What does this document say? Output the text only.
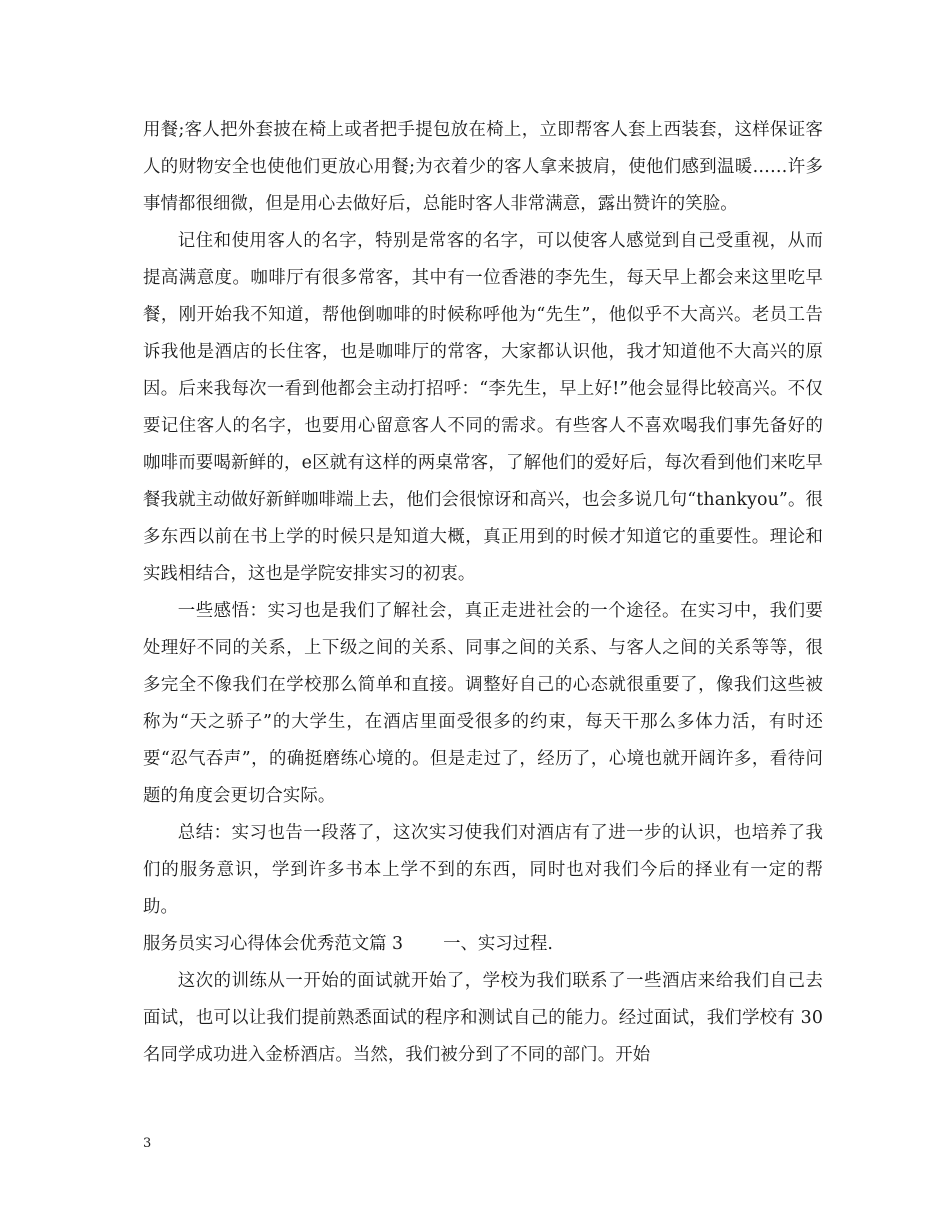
用餐;客人把外套披在椅上或者把手提包放在椅上，立即帮客人套上西装套，这样保证客人的财物安全也使他们更放心用餐;为衣着少的客人拿来披肩，使他们感到温暖……许多事情都很细微，但是用心去做好后，总能时客人非常满意，露出赞许的笑脸。

记住和使用客人的名字，特别是常客的名字，可以使客人感觉到自己受重视，从而提高满意度。咖啡厅有很多常客，其中有一位香港的李先生，每天早上都会来这里吃早餐，刚开始我不知道，帮他倒咖啡的时候称呼他为“先生”，他似乎不大高兴。老员工告诉我他是酒店的长住客，也是咖啡厅的常客，大家都认识他，我才知道他不大高兴的原因。后来我每次一看到他都会主动打招呼：“李先生，早上好!”他会显得比较高兴。不仅要记住客人的名字，也要用心留意客人不同的需求。有些客人不喜欢喝我们事先备好的咖啡而要喝新鲜的，e区就有这样的两桌常客，了解他们的爱好后，每次看到他们来吃早餐我就主动做好新鲜咖啡端上去，他们会很惊讶和高兴，也会多说几句“thankyou”。很多东西以前在书上学的时候只是知道大概，真正用到的时候才知道它的重要性。理论和实践相结合，这也是学院安排实习的初衷。

一些感悟：实习也是我们了解社会，真正走进社会的一个途径。在实习中，我们要处理好不同的关系，上下级之间的关系、同事之间的关系、与客人之间的关系等等，很多完全不像我们在学校那么简单和直接。调整好自己的心态就很重要了，像我们这些被称为“天之骄子”的大学生，在酒店里面受很多的约束，每天干那么多体力活，有时还要“忍气吞声”，的确挺磨练心境的。但是走过了，经历了，心境也就开阔许多，看待问题的角度会更切合实际。

总结：实习也告一段落了，这次实习使我们对酒店有了进一步的认识，也培养了我们的服务意识，学到许多书本上学不到的东西，同时也对我们今后的择业有一定的帮助。

服务员实习心得体会优秀范文篇 3 一、实习过程.

这次的训练从一开始的面试就开始了，学校为我们联系了一些酒店来给我们自己去面试，也可以让我们提前熟悉面试的程序和测试自己的能力。经过面试，我们学校有 30 名同学成功进入金桥酒店。当然，我们被分到了不同的部门。开始

3
